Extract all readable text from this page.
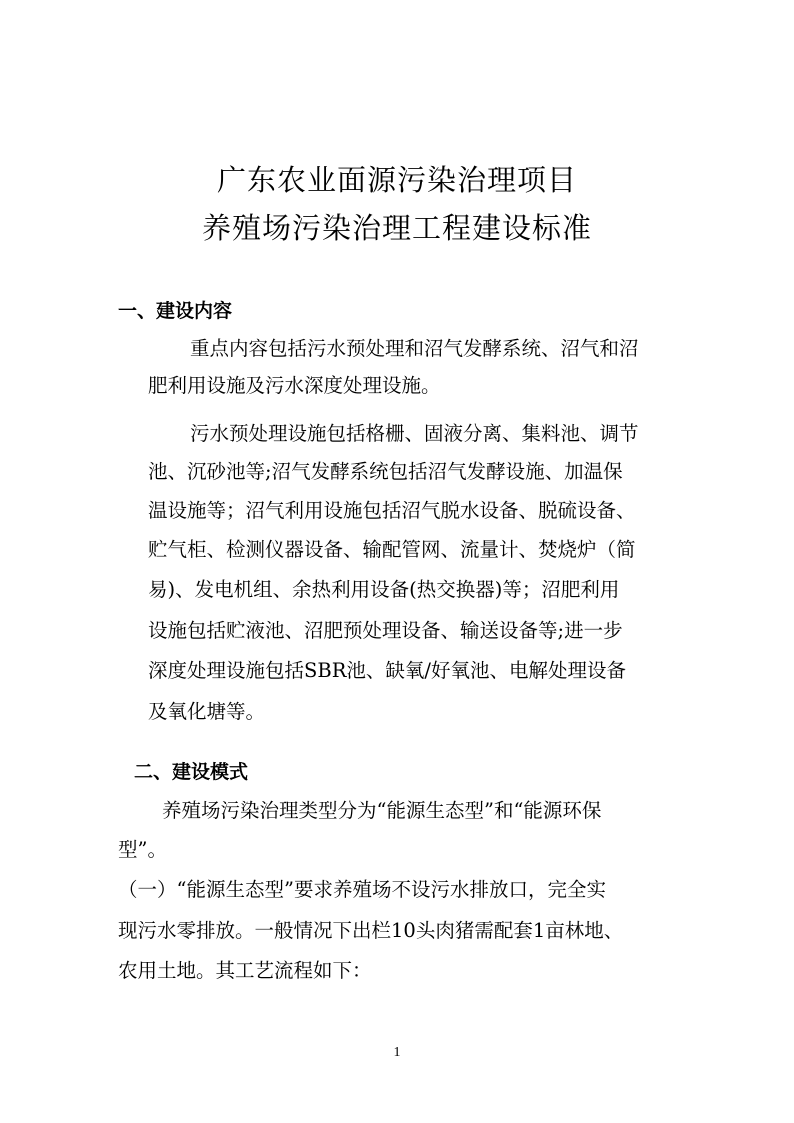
广东农业面源污染治理项目
养殖场污染治理工程建设标准
一、建设内容
重点内容包括污水预处理和沼气发酵系统、沼气和沼
肥利用设施及污水深度处理设施。
污水预处理设施包括格栅、固液分离、集料池、调节
池、沉砂池等;沼气发酵系统包括沼气发酵设施、加温保
温设施等；沼气利用设施包括沼气脱水设备、脱硫设备、
贮气柜、检测仪器设备、输配管网、流量计、焚烧炉（简
易)、发电机组、余热利用设备(热交换器)等；沼肥利用
设施包括贮液池、沼肥预处理设备、输送设备等;进一步
深度处理设施包括SBR池、缺氧/好氧池、电解处理设备
及氧化塘等。
二、建设模式
养殖场污染治理类型分为“能源生态型”和“能源环保
型”。
（一）“能源生态型”要求养殖场不设污水排放口，完全实
现污水零排放。一般情况下出栏10头肉猪需配套1亩林地、
农用土地。其工艺流程如下：
1
